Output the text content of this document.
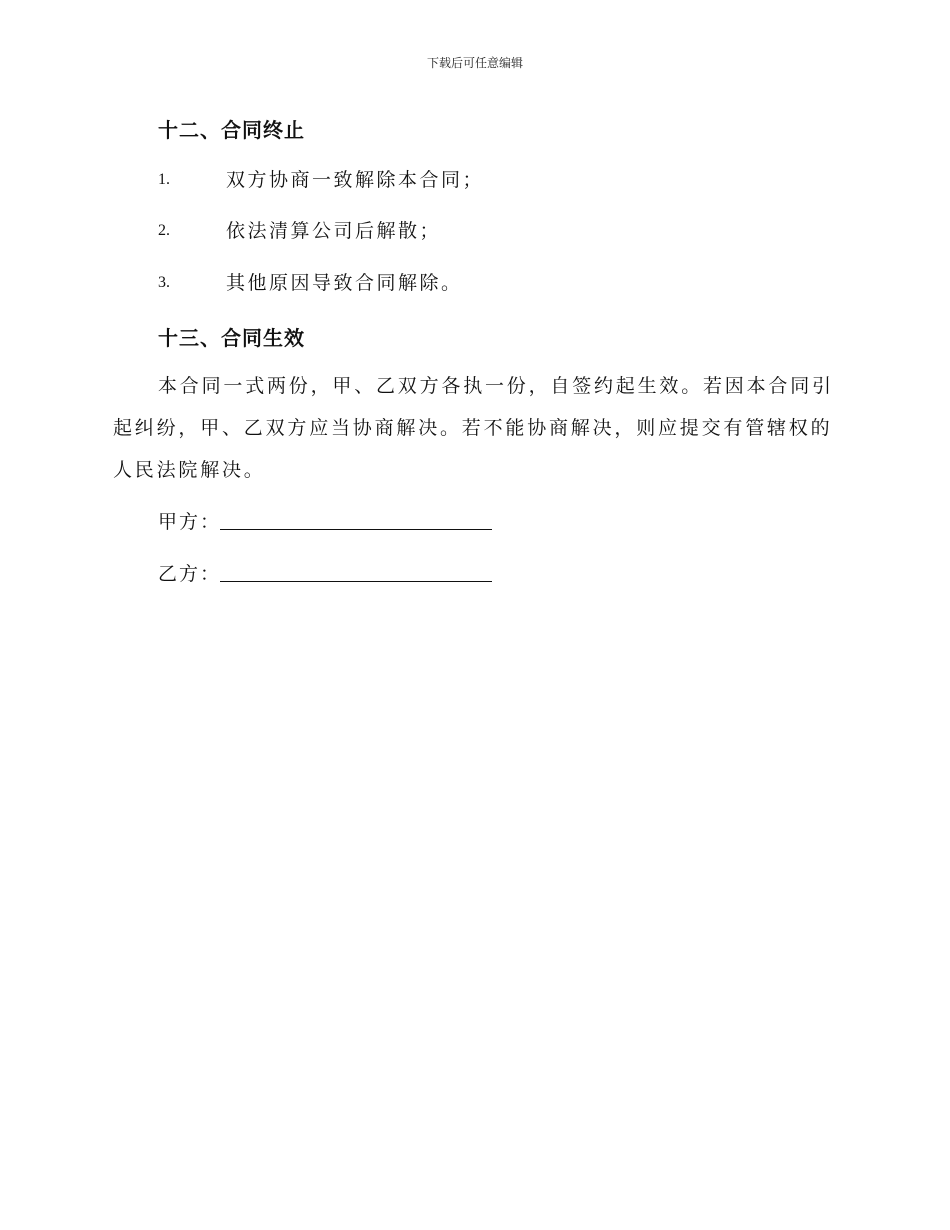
下载后可任意编辑
十二、合同终止
1.	双方协商一致解除本合同；
2.	依法清算公司后解散；
3.	其他原因导致合同解除。
十三、合同生效
本合同一式两份，甲、乙双方各执一份，自签约起生效。若因本合同引
起纠纷，甲、乙双方应当协商解决。若不能协商解决，则应提交有管辖权的
人民法院解决。
甲方：
乙方：
